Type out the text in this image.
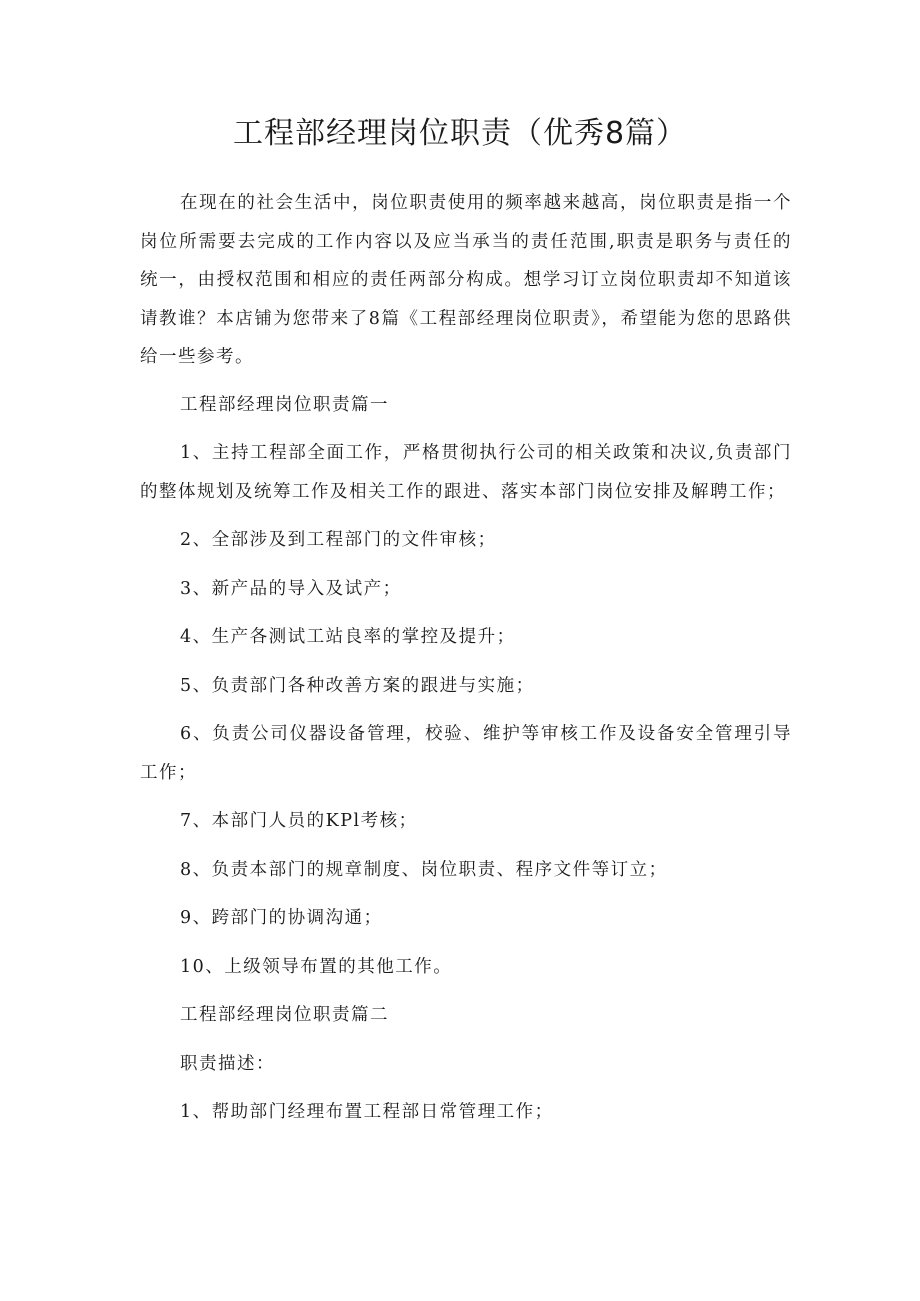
工程部经理岗位职责（优秀8篇）

在现在的社会生活中，岗位职责使用的频率越来越高，岗位职责是指一个岗位所需要去完成的工作内容以及应当承当的责任范围,职责是职务与责任的统一，由授权范围和相应的责任两部分构成。想学习订立岗位职责却不知道该请教谁？本店铺为您带来了8篇《工程部经理岗位职责》，希望能为您的思路供给一些参考。

工程部经理岗位职责篇一

1、主持工程部全面工作，严格贯彻执行公司的相关政策和决议,负责部门的整体规划及统筹工作及相关工作的跟进、落实本部门岗位安排及解聘工作；

2、全部涉及到工程部门的文件审核；

3、新产品的导入及试产；

4、生产各测试工站良率的掌控及提升；

5、负责部门各种改善方案的跟进与实施；

6、负责公司仪器设备管理，校验、维护等审核工作及设备安全管理引导工作；

7、本部门人员的KPl考核；

8、负责本部门的规章制度、岗位职责、程序文件等订立；

9、跨部门的协调沟通；

10、上级领导布置的其他工作。

工程部经理岗位职责篇二

职责描述：

1、帮助部门经理布置工程部日常管理工作；
